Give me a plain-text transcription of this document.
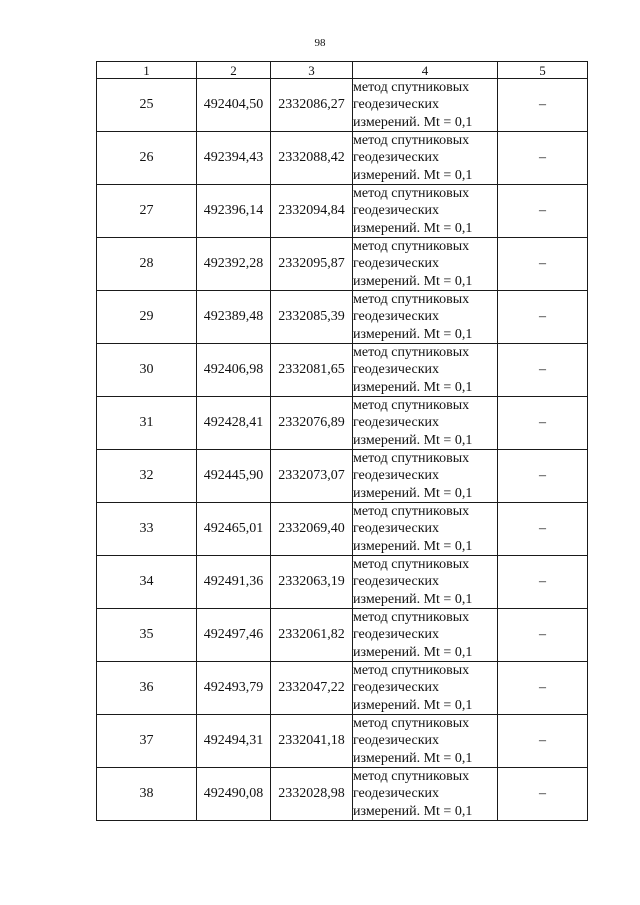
98
1	2	3	4	5
25	492404,50	2332086,27	метод спутниковых
геодезических
измерений. Mt = 0,1	–
26	492394,43	2332088,42	метод спутниковых
геодезических
измерений. Mt = 0,1	–
27	492396,14	2332094,84	метод спутниковых
геодезических
измерений. Mt = 0,1	–
28	492392,28	2332095,87	метод спутниковых
геодезических
измерений. Mt = 0,1	–
29	492389,48	2332085,39	метод спутниковых
геодезических
измерений. Mt = 0,1	–
30	492406,98	2332081,65	метод спутниковых
геодезических
измерений. Mt = 0,1	–
31	492428,41	2332076,89	метод спутниковых
геодезических
измерений. Mt = 0,1	–
32	492445,90	2332073,07	метод спутниковых
геодезических
измерений. Mt = 0,1	–
33	492465,01	2332069,40	метод спутниковых
геодезических
измерений. Mt = 0,1	–
34	492491,36	2332063,19	метод спутниковых
геодезических
измерений. Mt = 0,1	–
35	492497,46	2332061,82	метод спутниковых
геодезических
измерений. Mt = 0,1	–
36	492493,79	2332047,22	метод спутниковых
геодезических
измерений. Mt = 0,1	–
37	492494,31	2332041,18	метод спутниковых
геодезических
измерений. Mt = 0,1	–
38	492490,08	2332028,98	метод спутниковых
геодезических
измерений. Mt = 0,1	–
